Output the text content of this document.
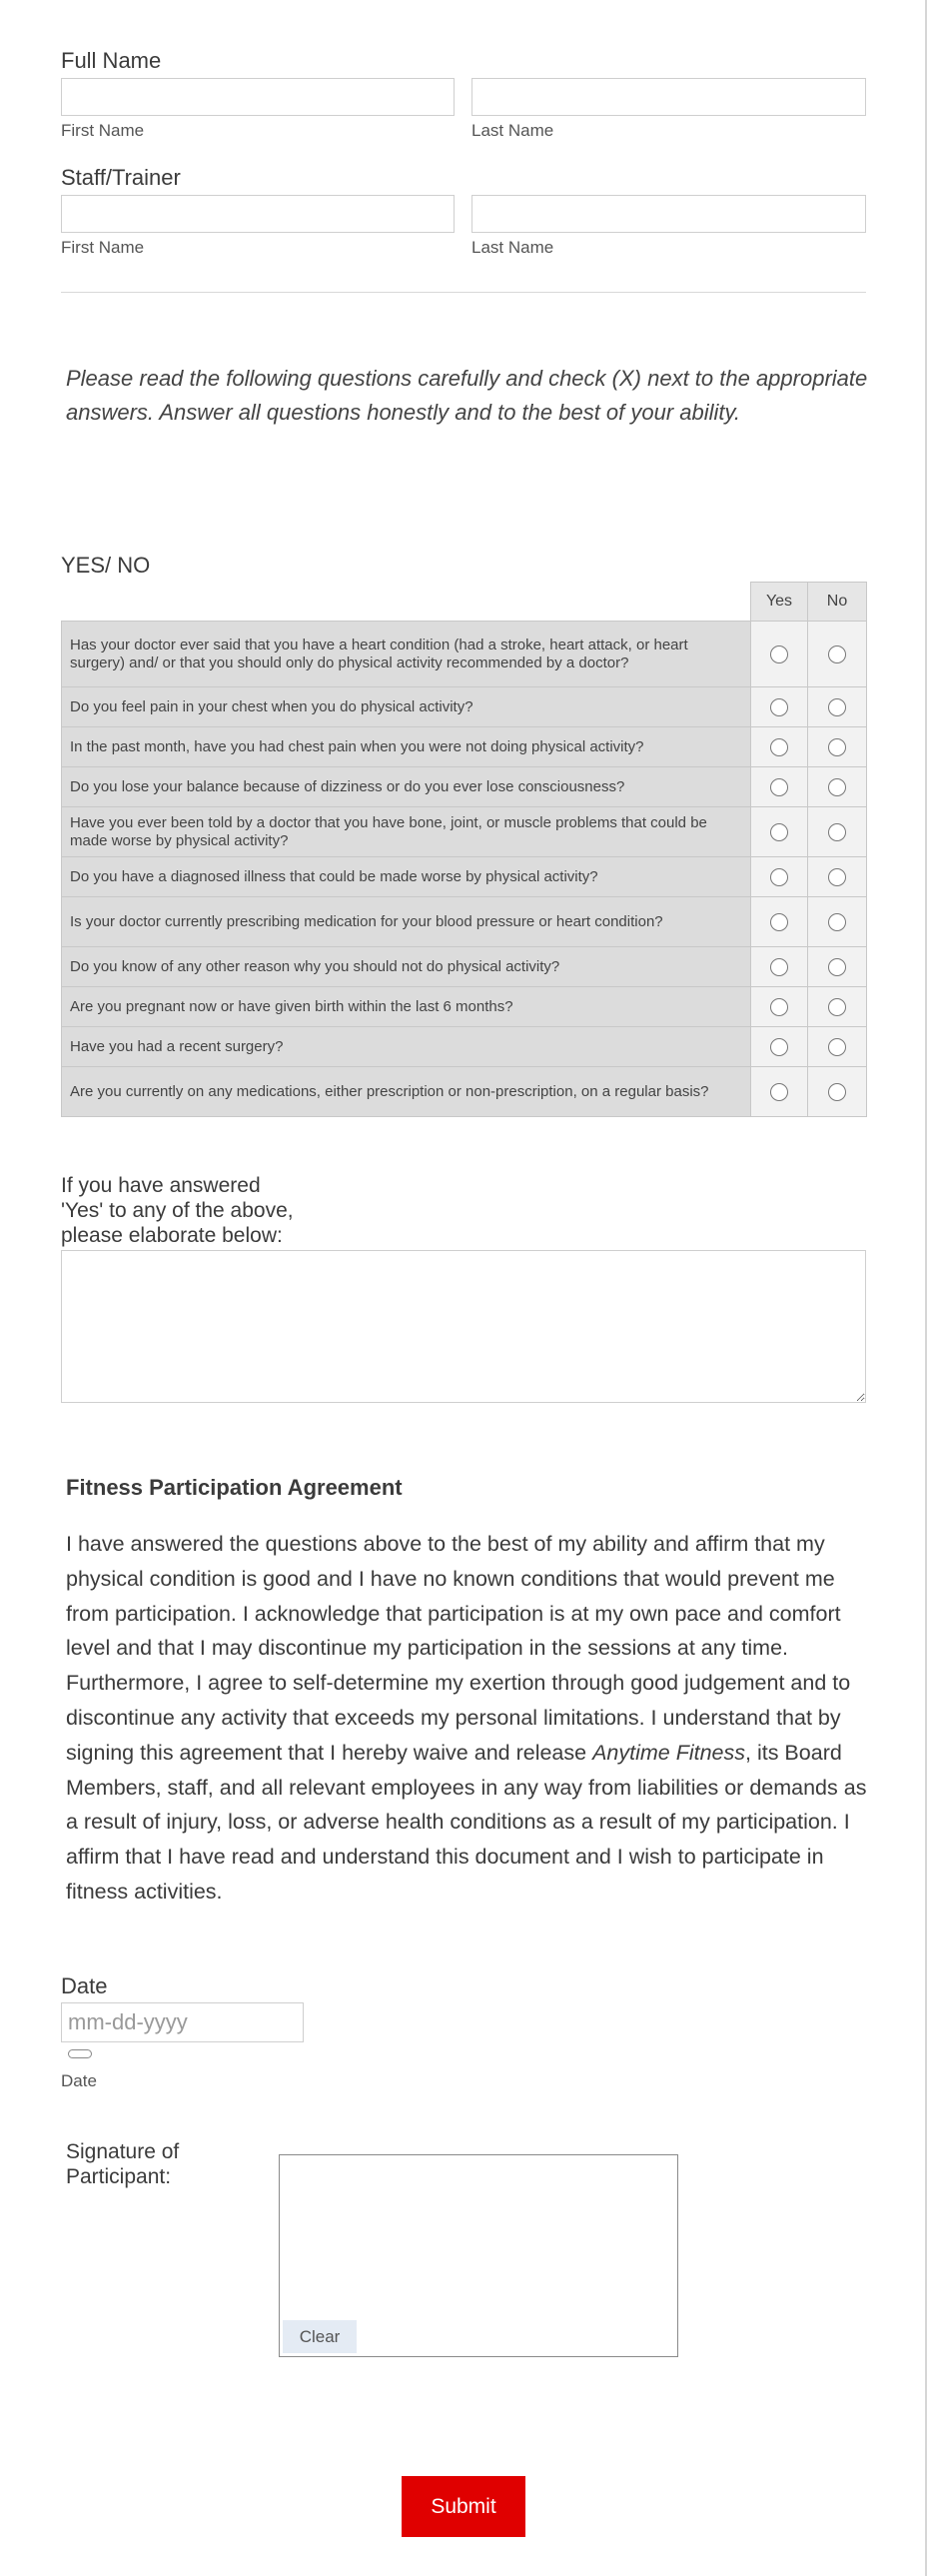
Full Name
First Name	Last Name
Staff/Trainer
First Name	Last Name
Please read the following questions carefully and check (X) next to the appropriate answers. Answer all questions honestly and to the best of your ability.
YES/ NO
	Yes	No
Has your doctor ever said that you have a heart condition (had a stroke, heart attack, or heart surgery) and/ or that you should only do physical activity recommended by a doctor?		
Do you feel pain in your chest when you do physical activity?		
In the past month, have you had chest pain when you were not doing physical activity?		
Do you lose your balance because of dizziness or do you ever lose consciousness?		
Have you ever been told by a doctor that you have bone, joint, or muscle problems that could be made worse by physical activity?		
Do you have a diagnosed illness that could be made worse by physical activity?		
Is your doctor currently prescribing medication for your blood pressure or heart condition?		
Do you know of any other reason why you should not do physical activity?		
Are you pregnant now or have given birth within the last 6 months?		
Have you had a recent surgery?		
Are you currently on any medications, either prescription or non-prescription, on a regular basis?		
If you have answered
'Yes' to any of the above,
please elaborate below:
Fitness Participation Agreement
I have answered the questions above to the best of my ability and affirm that my physical condition is good and I have no known conditions that would prevent me from participation. I acknowledge that participation is at my own pace and comfort level and that I may discontinue my participation in the sessions at any time. Furthermore, I agree to self-determine my exertion through good judgement and to discontinue any activity that exceeds my personal limitations. I understand that by signing this agreement that I hereby waive and release Anytime Fitness, its Board Members, staff, and all relevant employees in any way from liabilities or demands as a result of injury, loss, or adverse health conditions as a result of my participation. I affirm that I have read and understand this document and I wish to participate in fitness activities.
Date
mm-dd-yyyy
Date
Signature of
Participant:
Clear
Submit
